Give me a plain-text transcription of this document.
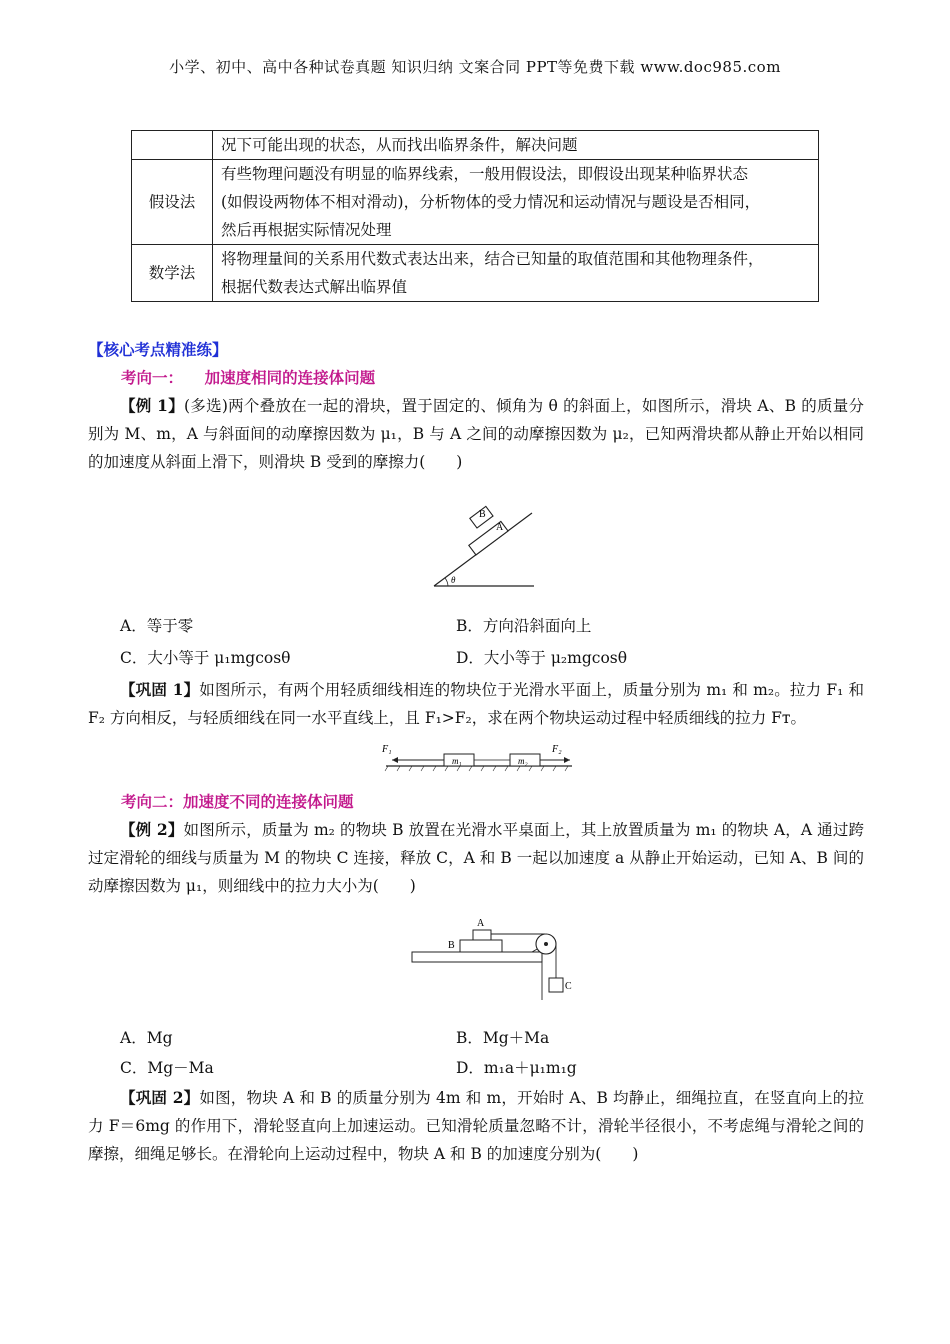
小学、初中、高中各种试卷真题 知识归纳 文案合同 PPT等免费下载 www.doc985.com
	况下可能出现的状态，从而找出临界条件，解决问题
假设法	有些物理问题没有明显的临界线索，一般用假设法，即假设出现某种临界状态
(如假设两物体不相对滑动)，分析物体的受力情况和运动情况与题设是否相同，
然后再根据实际情况处理

数学法	将物理量间的关系用代数式表达出来，结合已知量的取值范围和其他物理条件，
根据代数表达式解出临界值
【核心考点精准练】
考向一：    加速度相同的连接体问题
【例 1】(多选)两个叠放在一起的滑块，置于固定的、倾角为 θ 的斜面上，如图所示，滑块 A、B 的质量分别为 M、m，A 与斜面间的动摩擦因数为 μ₁，B 与 A 之间的动摩擦因数为 μ₂，已知两滑块都从静止开始以相同的加速度从斜面上滑下，则滑块 B 受到的摩擦力(　　)
B
A
θ
A．等于零	B．方向沿斜面向上
C．大小等于 μ₁mgcosθ	D．大小等于 μ₂mgcosθ
【巩固 1】如图所示，有两个用轻质细线相连的物块位于光滑水平面上，质量分别为 m₁ 和 m₂。拉力 F₁ 和 F₂ 方向相反，与轻质细线在同一水平直线上，且 F₁>F₂，求在两个物块运动过程中轻质细线的拉力 Fт。
F₁
m₁	m₂
F₂
考向二：加速度不同的连接体问题
【例 2】如图所示，质量为 m₂ 的物块 B 放置在光滑水平桌面上，其上放置质量为 m₁ 的物块 A，A 通过跨过定滑轮的细线与质量为 M 的物块 C 连接，释放 C，A 和 B 一起以加速度 a 从静止开始运动，已知 A、B 间的动摩擦因数为 μ₁，则细线中的拉力大小为(　　)
A
B
C
A．Mg	B．Mg＋Ma
C．Mg－Ma	D．m₁a＋μ₁m₁g
【巩固 2】如图，物块 A 和 B 的质量分别为 4m 和 m，开始时 A、B 均静止，细绳拉直，在竖直向上的拉力 F＝6mg 的作用下，滑轮竖直向上加速运动。已知滑轮质量忽略不计，滑轮半径很小，不考虑绳与滑轮之间的摩擦，细绳足够长。在滑轮向上运动过程中，物块 A 和 B 的加速度分别为(　　)
